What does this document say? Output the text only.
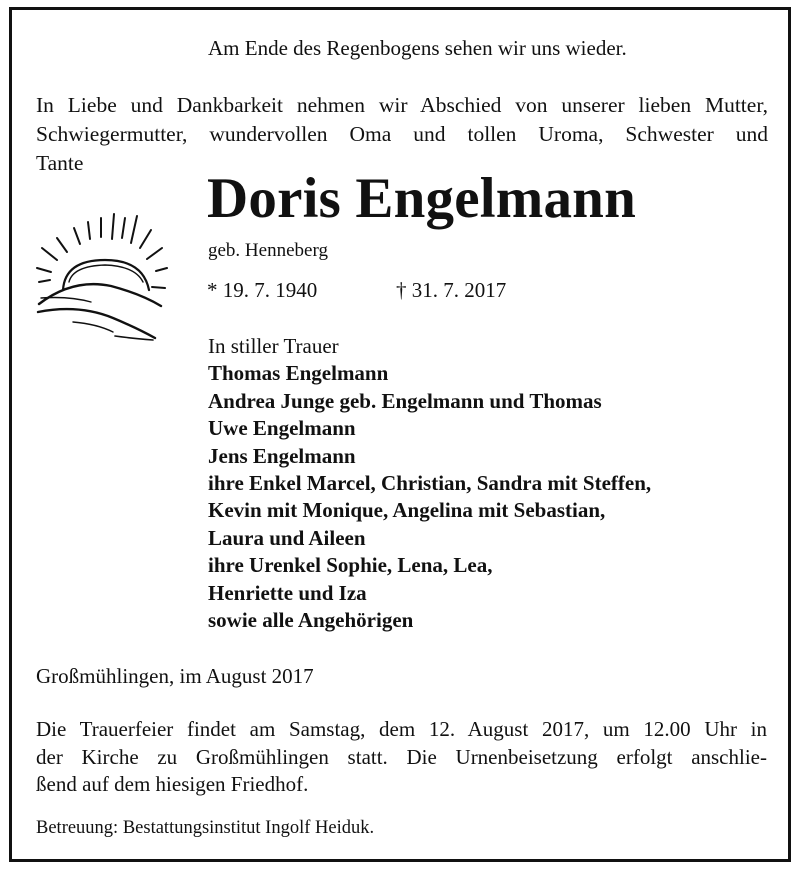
Am Ende des Regenbogens sehen wir uns wieder.

In Liebe und Dankbarkeit nehmen wir Abschied von unserer lieben Mutter,
Schwiegermutter, wundervollen Oma und tollen Uroma, Schwester und
Tante

Doris Engelmann
geb. Henneberg
* 19. 7. 1940	† 31. 7. 2017
In stiller Trauer
Thomas Engelmann
Andrea Junge geb. Engelmann und Thomas
Uwe Engelmann
Jens Engelmann
ihre Enkel Marcel, Christian, Sandra mit Steffen,
Kevin mit Monique, Angelina mit Sebastian,
Laura und Aileen
ihre Urenkel Sophie, Lena, Lea,
Henriette und Iza
sowie alle Angehörigen
Großmühlingen, im August 2017

Die Trauerfeier findet am Samstag, dem 12. August 2017, um 12.00 Uhr in
der Kirche zu Großmühlingen statt. Die Urnenbeisetzung erfolgt anschlie-
ßend auf dem hiesigen Friedhof.

Betreuung: Bestattungsinstitut Ingolf Heiduk.
